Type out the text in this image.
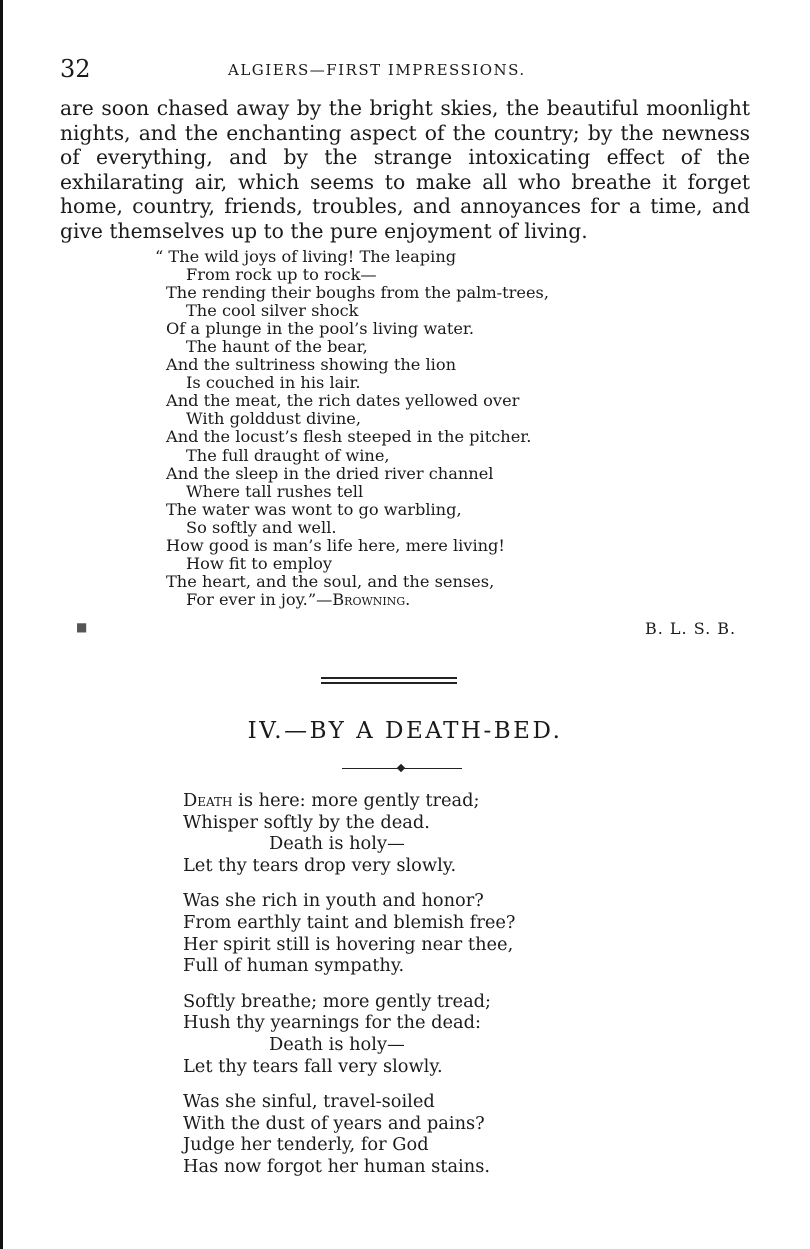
32	ALGIERS—FIRST IMPRESSIONS.

are soon chased away by the bright skies, the beautiful moonlight nights, and the enchanting aspect of the country; by the newness of everything, and by the strange intoxicating effect of the exhilarating air, which seems to make all who breathe it forget home, country, friends, troubles, and annoyances for a time, and give themselves up to the pure enjoyment of living.

“ The wild joys of living! The leaping
From rock up to rock—
The rending their boughs from the palm-trees,
The cool silver shock
Of a plunge in the pool’s living water.
The haunt of the bear,
And the sultriness showing the lion
Is couched in his lair.
And the meat, the rich dates yellowed over
With golddust divine,
And the locust’s flesh steeped in the pitcher.
The full draught of wine,
And the sleep in the dried river channel
Where tall rushes tell
The water was wont to go warbling,
So softly and well.
How good is man’s life here, mere living!
How fit to employ
The heart, and the soul, and the senses,
For ever in joy.”—Browning.
■	B. L. S. B.
IV.—BY A DEATH-BED.
Death is here: more gently tread;
Whisper softly by the dead.
Death is holy—
Let thy tears drop very slowly.
Was she rich in youth and honor?
From earthly taint and blemish free?
Her spirit still is hovering near thee,
Full of human sympathy.
Softly breathe; more gently tread;
Hush thy yearnings for the dead:
Death is holy—
Let thy tears fall very slowly.
Was she sinful, travel-soiled
With the dust of years and pains?
Judge her tenderly, for God
Has now forgot her human stains.
